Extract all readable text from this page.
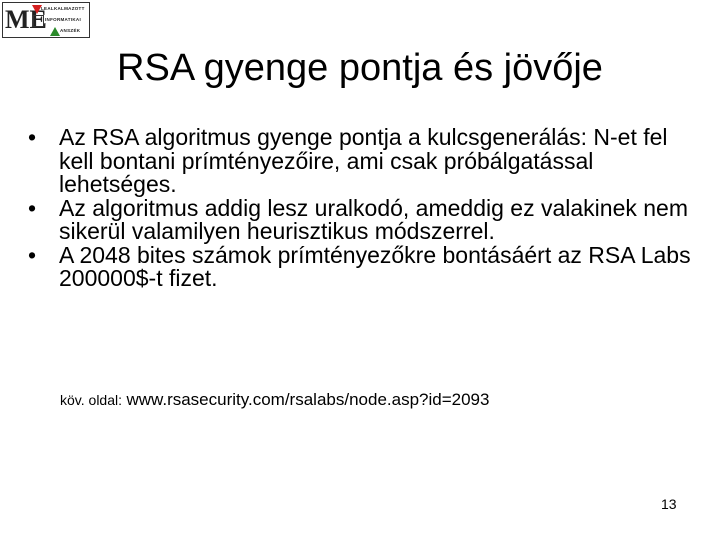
ME
LEALKALMAZOTT
INFORMATIKAI
ANSZÉK
RSA gyenge pontja és jövője
• Az RSA algoritmus gyenge pontja a kulcsgenerálás: N-et fel kell bontani prímtényezőire, ami csak próbálgatással lehetséges.
• Az algoritmus addig lesz uralkodó, ameddig ez valakinek nem sikerül valamilyen heurisztikus módszerrel.
• A 2048 bites számok prímtényezőkre bontásáért az RSA Labs 200000$-t fizet.
köv. oldal: www.rsasecurity.com/rsalabs/node.asp?id=2093
13
